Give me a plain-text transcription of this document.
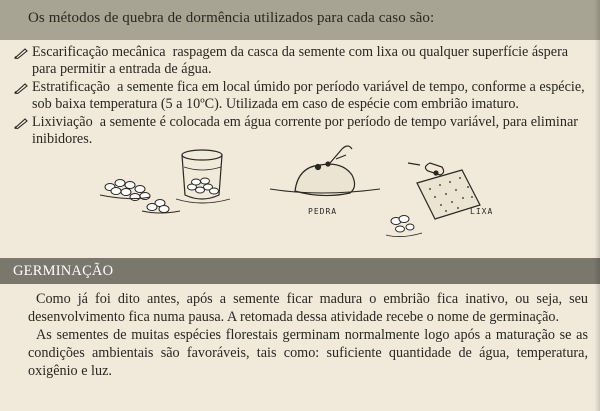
Os métodos de quebra de dormência utilizados para cada caso são:
Escarificação mecânica raspagem da casca da semente com lixa ou qualquer superfície áspera para permitir a entrada de água.
Estratificação a semente fica em local úmido por período variável de tempo, conforme a espécie, sob baixa temperatura (5 a 10ºC). Utilizada em caso de espécie com embrião imaturo.
Lixiviação a semente é colocada em água corrente por período de tempo variável, para eliminar inibidores.
PEDRA	LIXA
GERMINAÇÃO

Como já foi dito antes, após a semente ficar madura o embrião fica inativo, ou seja, seu desenvolvimento fica numa pausa. A retomada dessa atividade recebe o nome de germinação.

As sementes de muitas espécies florestais germinam normalmente logo após a maturação se as condições ambientais são favoráveis, tais como: suficiente quantidade de água, temperatura, oxigênio e luz.
